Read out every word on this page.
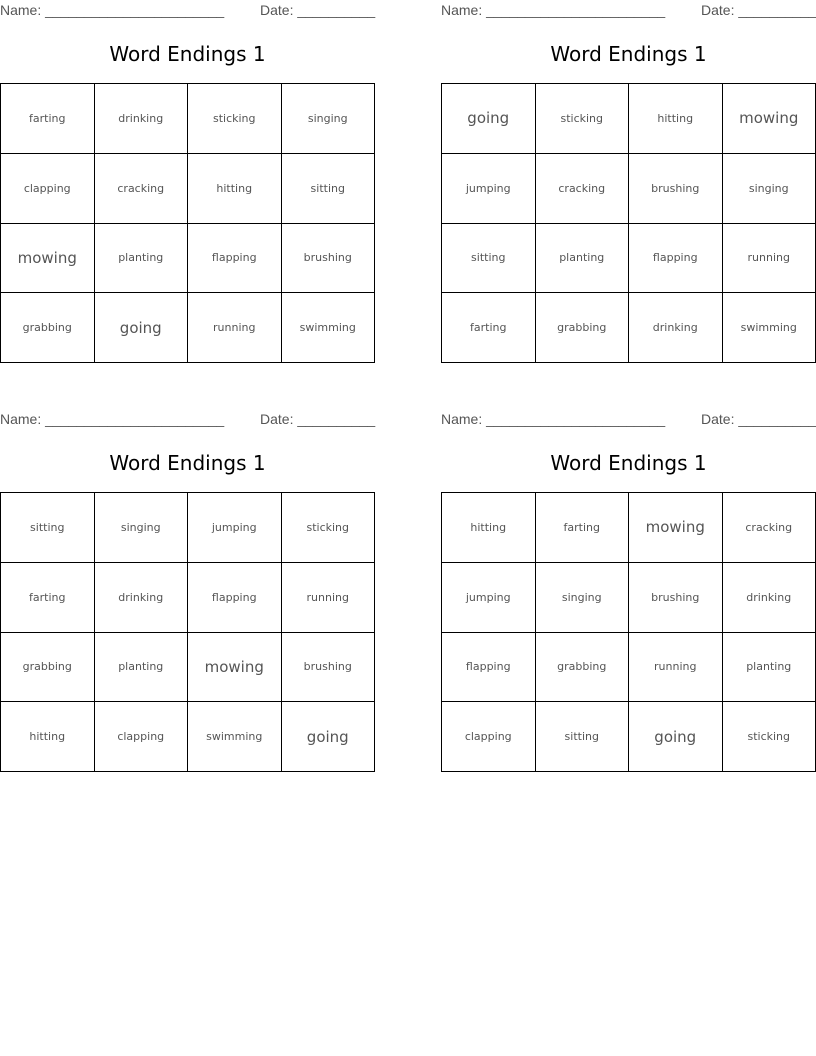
Name: _______________________	Date: __________
Word Endings 1
farting	drinking	sticking	singing
clapping	cracking	hitting	sitting
mowing	planting	flapping	brushing
grabbing	going	running	swimming
Name: _______________________	Date: __________
Word Endings 1
going	sticking	hitting	mowing
jumping	cracking	brushing	singing
sitting	planting	flapping	running
farting	grabbing	drinking	swimming
Name: _______________________	Date: __________
Word Endings 1
sitting	singing	jumping	sticking
farting	drinking	flapping	running
grabbing	planting	mowing	brushing
hitting	clapping	swimming	going
Name: _______________________	Date: __________
Word Endings 1
hitting	farting	mowing	cracking
jumping	singing	brushing	drinking
flapping	grabbing	running	planting
clapping	sitting	going	sticking
